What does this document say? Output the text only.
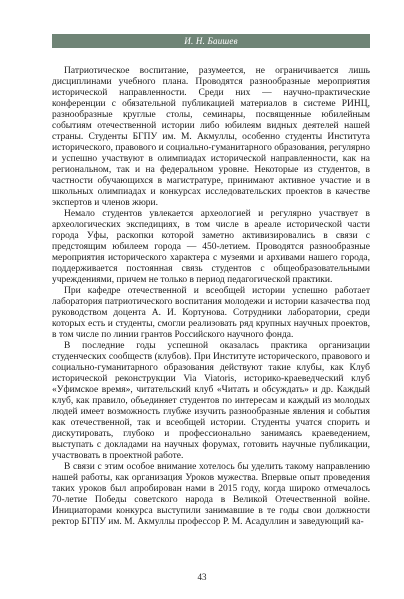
И. Н. Баишев

Патриотическое воспитание, разумеется, не ограничивается лишь дисциплинами учебного плана. Проводятся разнообразные мероприятия исторической направленности. Среди них — научно-практические конференции с обязательной публикацией материалов в системе РИНЦ, разнообразные круглые столы, семинары, посвященные юбилейным событиям отечественной истории либо юбилеям видных деятелей нашей страны. Студенты БГПУ им. М. Акмуллы, особенно студенты Института исторического, правового и социально-гуманитарного образования, регулярно и успешно участвуют в олимпиадах исторической направленности, как на региональном, так и на федеральном уровне. Некоторые из студентов, в частности обучающихся в магистратуре, принимают активное участие и в школьных олимпиадах и конкурсах исследовательских проектов в качестве экспертов и членов жюри.

Немало студентов увлекается археологией и регулярно участвует в археологических экспедициях, в том числе в ареале исторической части города Уфы, раскопки которой заметно активизировались в связи с предстоящим юбилеем города — 450-летием. Проводятся разнообразные мероприятия исторического характера с музеями и архивами нашего города, поддерживается постоянная связь студентов с общеобразовательными учреждениями, причем не только в период педагогической практики.

При кафедре отечественной и всеобщей истории успешно работает лаборатория патриотического воспитания молодежи и истории казачества под руководством доцента А. И. Кортунова. Сотрудники лаборатории, среди которых есть и студенты, смогли реализовать ряд крупных научных проектов, в том числе по линии грантов Российского научного фонда.

В последние годы успешной оказалась практика организации студенческих сообществ (клубов). При Институте исторического, правового и социально-гуманитарного образования действуют такие клубы, как Клуб исторической реконструкции Via Viatoris, историко-краеведческий клуб «Уфимское время», читательский клуб «Читать и обсуждать» и др. Каждый клуб, как правило, объединяет студентов по интересам и каждый из молодых людей имеет возможность глубже изучить разнообразные явления и события как отечественной, так и всеобщей истории. Студенты учатся спорить и дискутировать, глубоко и профессионально занимаясь краеведением, выступать с докладами на научных форумах, готовить научные публикации, участвовать в проектной работе.

В связи с этим особое внимание хотелось бы уделить такому направлению нашей работы, как организация Уроков мужества. Впервые опыт проведения таких уроков был апробирован нами в 2015 году, когда широко отмечалось 70-летие Победы советского народа в Великой Отечественной войне. Инициаторами конкурса выступили занимавшие в те годы свои должности ректор БГПУ им. М. Акмуллы профессор Р. М. Асадуллин и заведующий ка-

43
